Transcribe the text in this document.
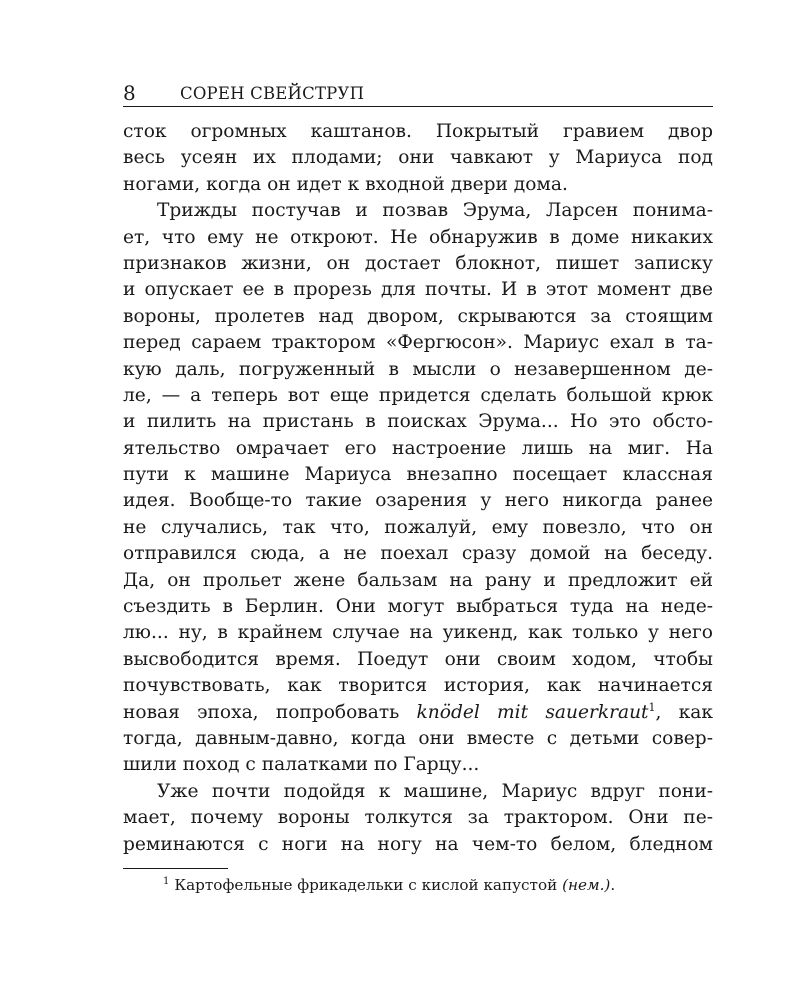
8	СОРЕН СВЕЙСТРУП
сток огромных каштанов. Покрытый гравием двор
весь усеян их плодами; они чавкают у Мариуса под
ногами, когда он идет к входной двери дома.
Трижды постучав и позвав Эрума, Ларсен понима-
ет, что ему не откроют. Не обнаружив в доме никаких
признаков жизни, он достает блокнот, пишет записку
и опускает ее в прорезь для почты. И в этот момент две
вороны, пролетев над двором, скрываются за стоящим
перед сараем трактором «Фергюсон». Мариус ехал в та-
кую даль, погруженный в мысли о незавершенном де-
ле, — а теперь вот еще придется сделать большой крюк
и пилить на пристань в поисках Эрума... Но это обсто-
ятельство омрачает его настроение лишь на миг. На
пути к машине Мариуса внезапно посещает классная
идея. Вообще-то такие озарения у него никогда ранее
не случались, так что, пожалуй, ему повезло, что он
отправился сюда, а не поехал сразу домой на беседу.
Да, он прольет жене бальзам на рану и предложит ей
съездить в Берлин. Они могут выбраться туда на неде-
лю... ну, в крайнем случае на уикенд, как только у него
высвободится время. Поедут они своим ходом, чтобы
почувствовать, как творится история, как начинается
новая эпоха, попробовать knödel mit sauerkraut$^1$, как
тогда, давным-давно, когда они вместе с детьми совер-
шили поход с палатками по Гарцу...
Уже почти подойдя к машине, Мариус вдруг пони-
мает, почему вороны толкутся за трактором. Они пе-
реминаются с ноги на ногу на чем-то белом, бледном
$^1$ Картофельные фрикадельки с кислой капустой (нем.).
